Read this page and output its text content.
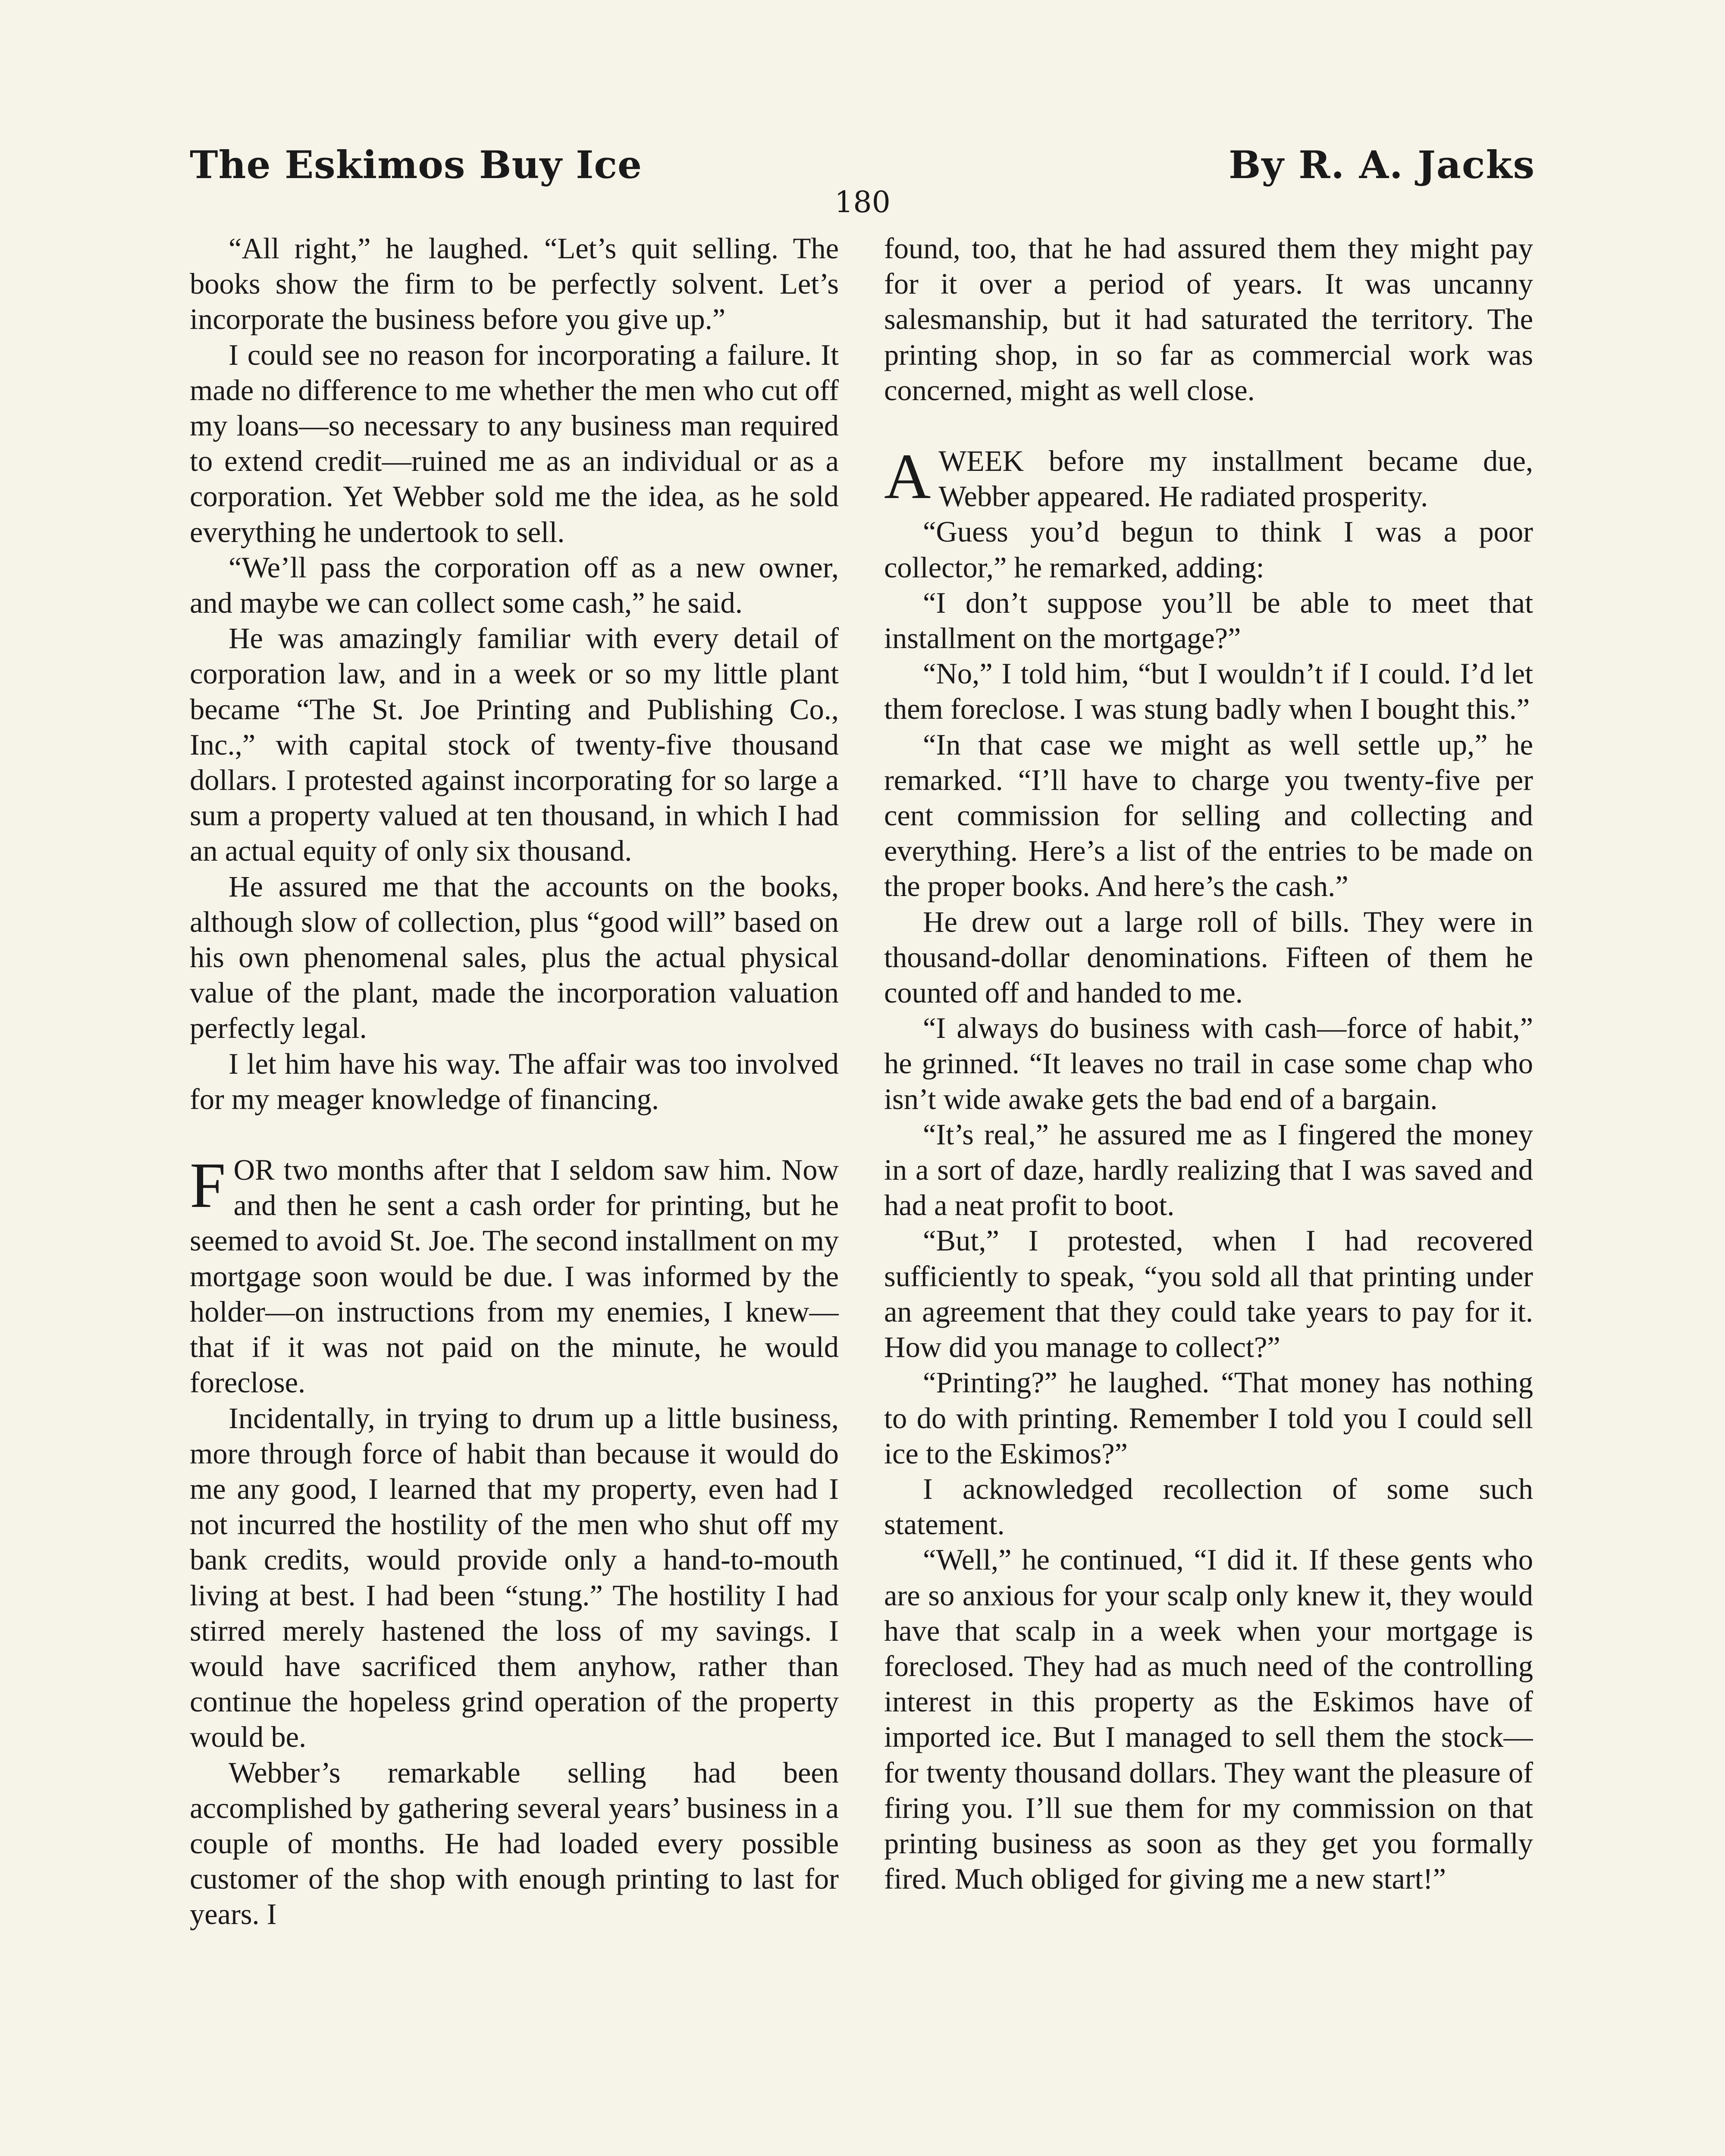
The Eskimos Buy Ice	By R. A. Jacks
180

“All right,” he laughed. “Let’s quit selling. The books show the firm to be perfectly solvent. Let’s incorporate the business before you give up.”

I could see no reason for incorporating a failure. It made no difference to me whether the men who cut off my loans—so necessary to any business man required to extend credit—ruined me as an individual or as a corporation. Yet Webber sold me the idea, as he sold everything he undertook to sell.

“We’ll pass the corporation off as a new owner, and maybe we can collect some cash,” he said.

He was amazingly familiar with every detail of corporation law, and in a week or so my little plant became “The St. Joe Printing and Publishing Co., Inc.,” with capital stock of twenty-five thousand dollars. I protested against incorporating for so large a sum a property valued at ten thousand, in which I had an actual equity of only six thousand.

He assured me that the accounts on the books, although slow of collection, plus “good will” based on his own phenomenal sales, plus the actual physical value of the plant, made the incorporation valuation perfectly legal.

I let him have his way. The affair was too involved for my meager knowledge of financing.

FOR two months after that I seldom saw him. Now and then he sent a cash order for printing, but he seemed to avoid St. Joe. The second installment on my mortgage soon would be due. I was informed by the holder—on instructions from my enemies, I knew—that if it was not paid on the minute, he would foreclose.

Incidentally, in trying to drum up a little business, more through force of habit than because it would do me any good, I learned that my property, even had I not incurred the hostility of the men who shut off my bank credits, would provide only a hand-to-mouth living at best. I had been “stung.” The hostility I had stirred merely hastened the loss of my savings. I would have sacrificed them anyhow, rather than continue the hopeless grind operation of the property would be.

Webber’s remarkable selling had been accomplished by gathering several years’ business in a couple of months. He had loaded every possible customer of the shop with enough printing to last for years. I

found, too, that he had assured them they might pay for it over a period of years. It was uncanny salesmanship, but it had saturated the territory. The printing shop, in so far as commercial work was concerned, might as well close.

AWEEK before my installment became due, Webber appeared. He radiated prosperity.

“Guess you’d begun to think I was a poor collector,” he remarked, adding:

“I don’t suppose you’ll be able to meet that installment on the mortgage?”

“No,” I told him, “but I wouldn’t if I could. I’d let them foreclose. I was stung badly when I bought this.”

“In that case we might as well settle up,” he remarked. “I’ll have to charge you twenty-five per cent commission for selling and collecting and everything. Here’s a list of the entries to be made on the proper books. And here’s the cash.”

He drew out a large roll of bills. They were in thousand-dollar denominations. Fifteen of them he counted off and handed to me.

“I always do business with cash—force of habit,” he grinned. “It leaves no trail in case some chap who isn’t wide awake gets the bad end of a bargain.

“It’s real,” he assured me as I fingered the money in a sort of daze, hardly realizing that I was saved and had a neat profit to boot.

“But,” I protested, when I had recovered sufficiently to speak, “you sold all that printing under an agreement that they could take years to pay for it. How did you manage to collect?”

“Printing?” he laughed. “That money has nothing to do with printing. Remember I told you I could sell ice to the Eskimos?”

I acknowledged recollection of some such statement.

“Well,” he continued, “I did it. If these gents who are so anxious for your scalp only knew it, they would have that scalp in a week when your mortgage is foreclosed. They had as much need of the controlling interest in this property as the Eskimos have of imported ice. But I managed to sell them the stock—for twenty thousand dollars. They want the pleasure of firing you. I’ll sue them for my commission on that printing business as soon as they get you formally fired. Much obliged for giving me a new start!”
